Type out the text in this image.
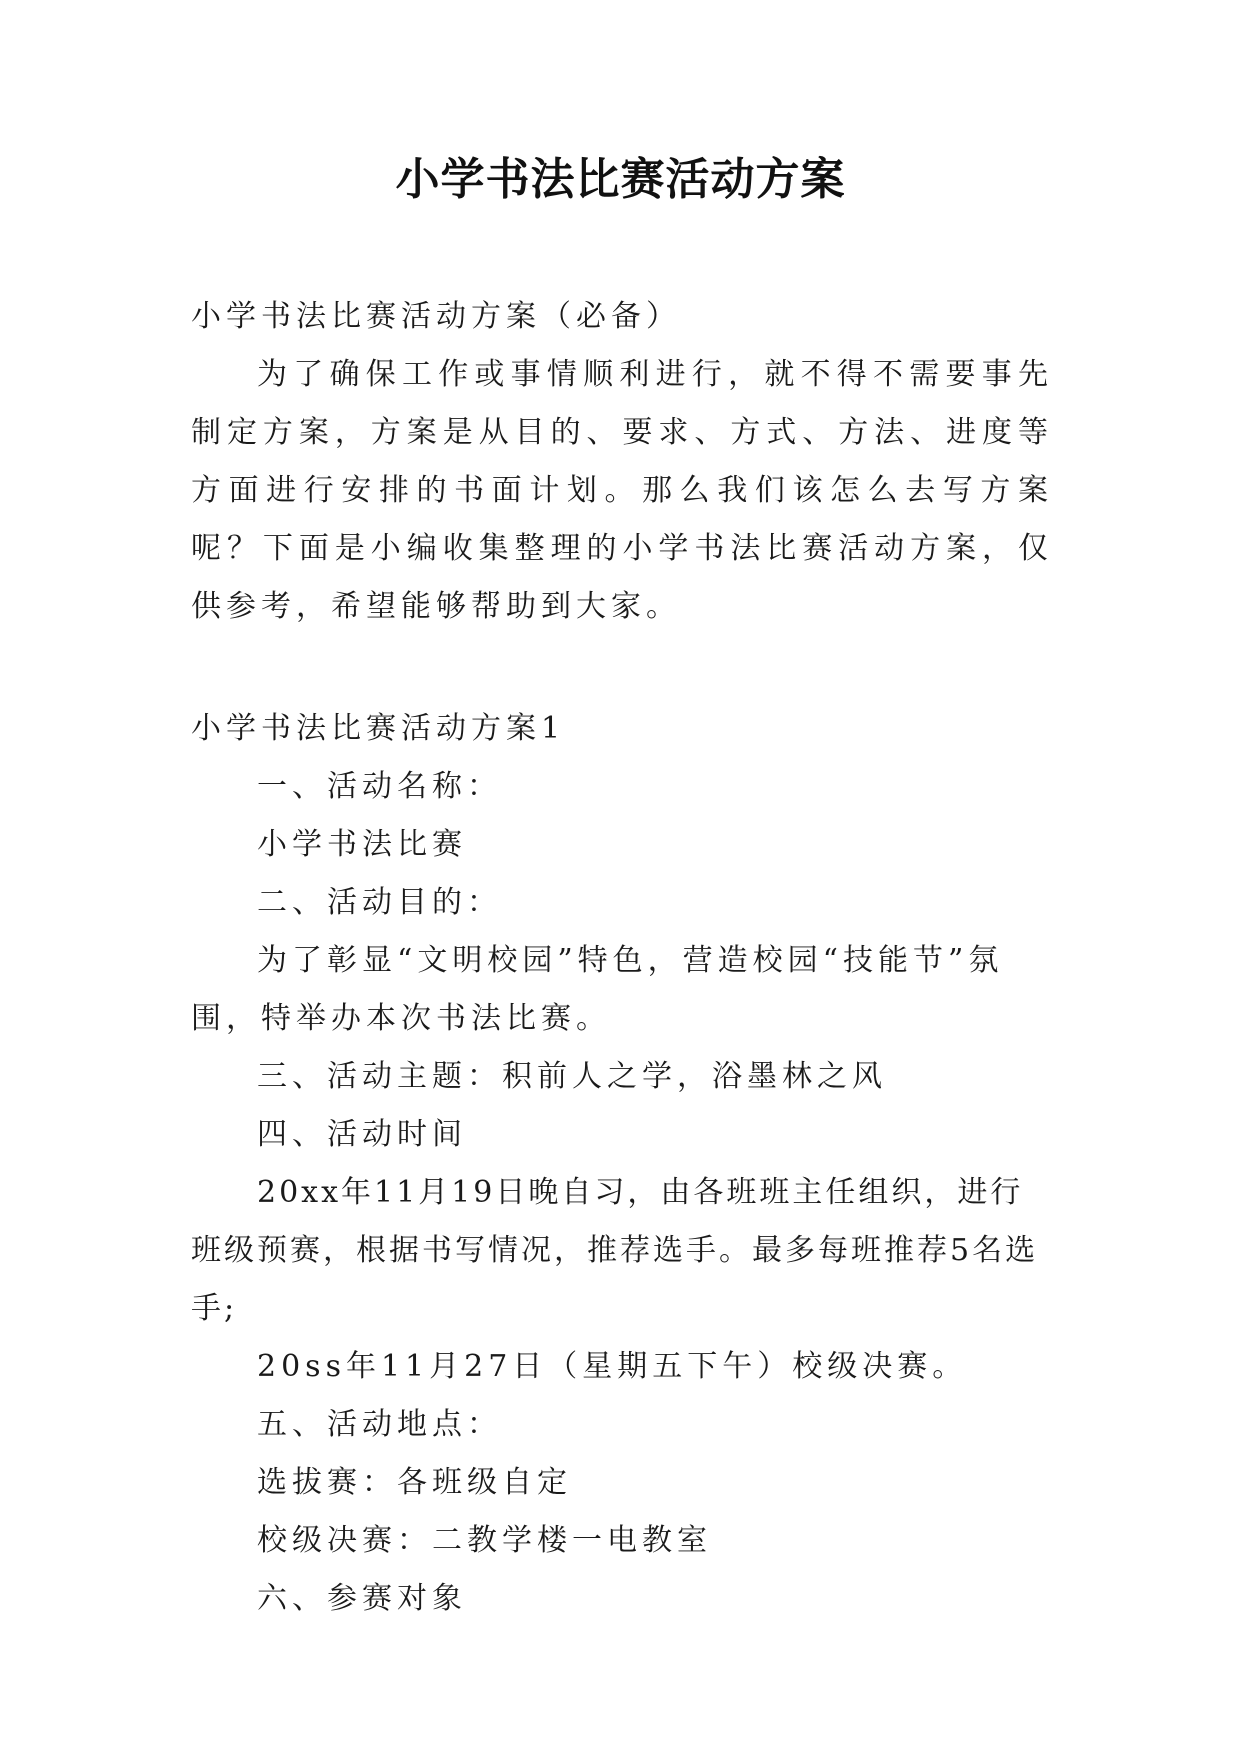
小学书法比赛活动方案

小学书法比赛活动方案（必备）

为了确保工作或事情顺利进行，就不得不需要事先制定方案，方案是从目的、要求、方式、方法、进度等方面进行安排的书面计划。那么我们该怎么去写方案呢？下面是小编收集整理的小学书法比赛活动方案，仅供参考，希望能够帮助到大家。

小学书法比赛活动方案1

一、活动名称：

小学书法比赛

二、活动目的：

为了彰显“文明校园”特色，营造校园“技能节”氛围，特举办本次书法比赛。

三、活动主题：积前人之学，浴墨林之风

四、活动时间

20xx年11月19日晚自习，由各班班主任组织，进行班级预赛，根据书写情况，推荐选手。最多每班推荐5名选手;

20ss年11月27日（星期五下午）校级决赛。

五、活动地点：

选拔赛：各班级自定

校级决赛：二教学楼一电教室

六、参赛对象
